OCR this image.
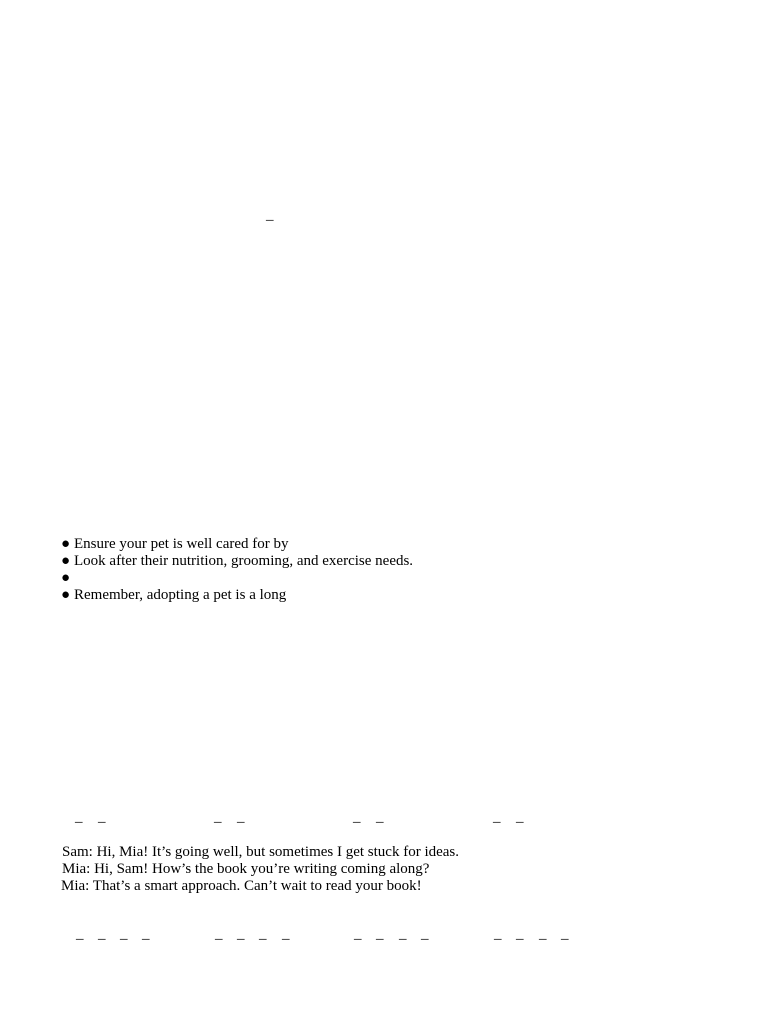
_

● Ensure your pet is well cared for by

● Look after their nutrition, grooming, and exercise needs.

●

● Remember, adopting a pet is a long

_ _	_ _	_ _	_ _
Sam: Hi, Mia! It’s going well, but sometimes I get stuck for ideas.
Mia: Hi, Sam! How’s the book you’re writing coming along?
Mia: That’s a smart approach. Can’t wait to read your book!
_ _ _ _	_ _ _ _	_ _ _ _	_ _ _ _
